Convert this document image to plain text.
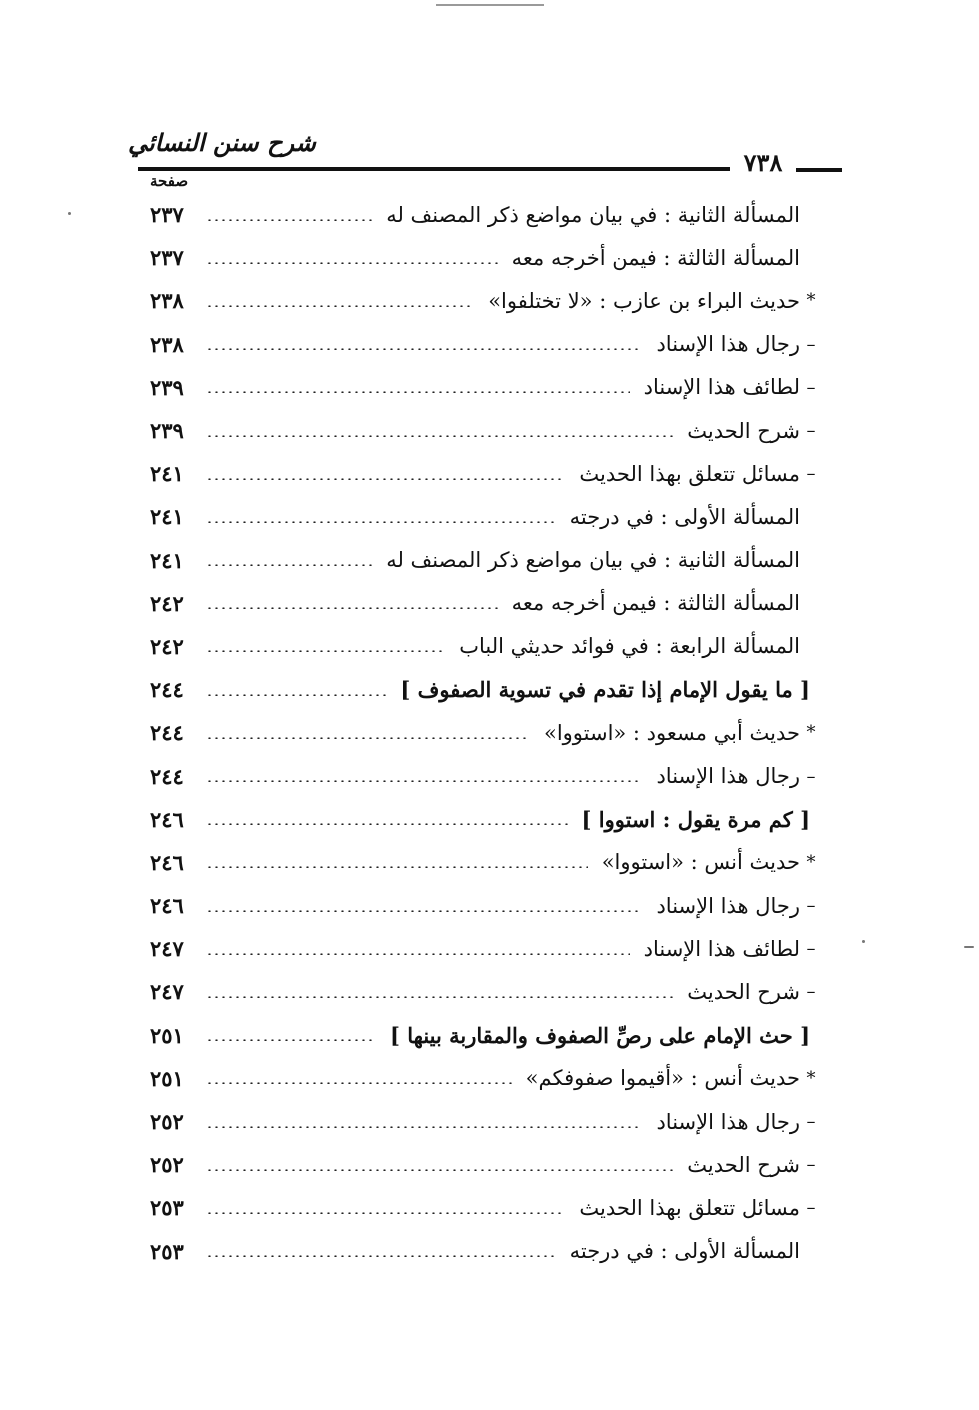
شرح سنن النسائي
٧٣٨
صفحة
المسألة الثانية : في بيان مواضع ذكر المصنف له
٢٣٧
المسألة الثالثة : فيمن أخرجه معه
٢٣٧
*
حديث البراء بن عازب : «لا تختلفوا»
٢٣٨
–
رجال هذا الإسناد
٢٣٨
–
لطائف هذا الإسناد
٢٣٩
–
شرح الحديث
٢٣٩
–
مسائل تتعلق بهذا الحديث
٢٤١
المسألة الأولى : في درجته
٢٤١
المسألة الثانية : في بيان مواضع ذكر المصنف له
٢٤١
المسألة الثالثة : فيمن أخرجه معه
٢٤٢
المسألة الرابعة : في فوائد حديثي الباب
٢٤٢
[ ما يقول الإمام إذا تقدم في تسوية الصفوف ]
٢٤٤
*
حديث أبي مسعود : «استووا»
٢٤٤
–
رجال هذا الإسناد
٢٤٤
[ كم مرة يقول : استووا ]
٢٤٦
*
حديث أنس : «استووا»
٢٤٦
–
رجال هذا الإسناد
٢٤٦
–
لطائف هذا الإسناد
٢٤٧
–
شرح الحديث
٢٤٧
[ حث الإمام على رصِّ الصفوف والمقاربة بينها ]
٢٥١
*
حديث أنس : «أقيموا صفوفكم»
٢٥١
–
رجال هذا الإسناد
٢٥٢
–
شرح الحديث
٢٥٢
–
مسائل تتعلق بهذا الحديث
٢٥٣
المسألة الأولى : في درجته
٢٥٣
